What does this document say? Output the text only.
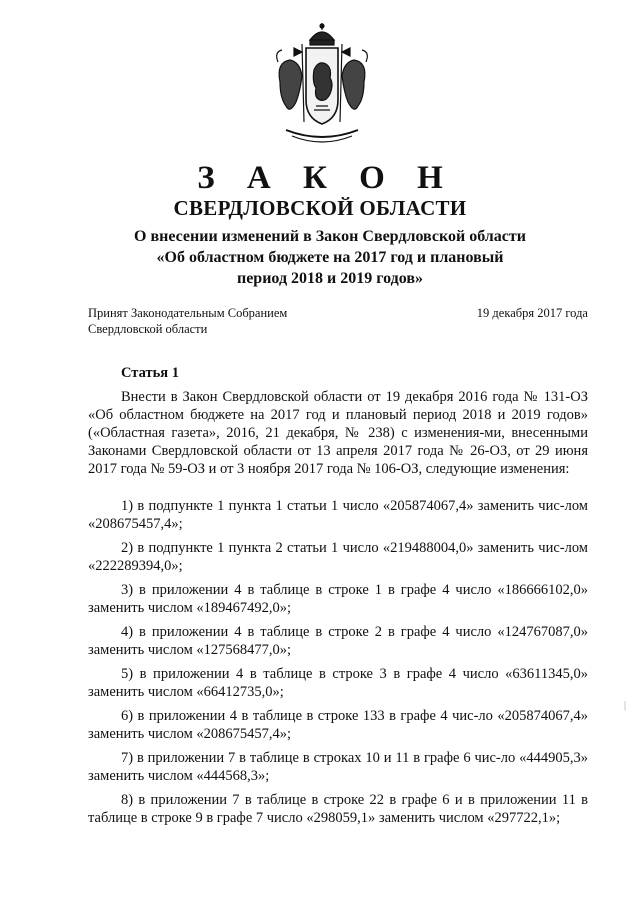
З А К О Н
СВЕРДЛОВСКОЙ ОБЛАСТИ
О внесении изменений в Закон Свердловской области
«Об областном бюджете на 2017 год и плановый
период 2018 и 2019 годов»
Принят Законодательным Собранием
Свердловской области
19 декабря 2017 года
Статья 1
Внести в Закон Свердловской области от 19 декабря 2016 года № 131-ОЗ «Об областном бюджете на 2017 год и плановый период 2018 и 2019 годов» («Областная газета», 2016, 21 декабря, № 238) с изменения-ми, внесенными Законами Свердловской области от 13 апреля 2017 года № 26-ОЗ, от 29 июня 2017 года № 59-ОЗ и от 3 ноября 2017 года № 106-ОЗ, следующие изменения:
1) в подпункте 1 пункта 1 статьи 1 число «205874067,4» заменить чис-лом «208675457,4»;
2) в подпункте 1 пункта 2 статьи 1 число «219488004,0» заменить чис-лом «222289394,0»;
3) в приложении 4 в таблице в строке 1 в графе 4 число «186666102,0» заменить числом «189467492,0»;
4) в приложении 4 в таблице в строке 2 в графе 4 число «124767087,0» заменить числом «127568477,0»;
5) в приложении 4 в таблице в строке 3 в графе 4 число «63611345,0» заменить числом «66412735,0»;
6) в приложении 4 в таблице в строке 133 в графе 4 чис-ло «205874067,4» заменить числом «208675457,4»;
7) в приложении 7 в таблице в строках 10 и 11 в графе 6 чис-ло «444905,3» заменить числом «444568,3»;
8) в приложении 7 в таблице в строке 22 в графе 6 и в приложении 11 в таблице в строке 9 в графе 7 число «298059,1» заменить числом «297722,1»;
|
